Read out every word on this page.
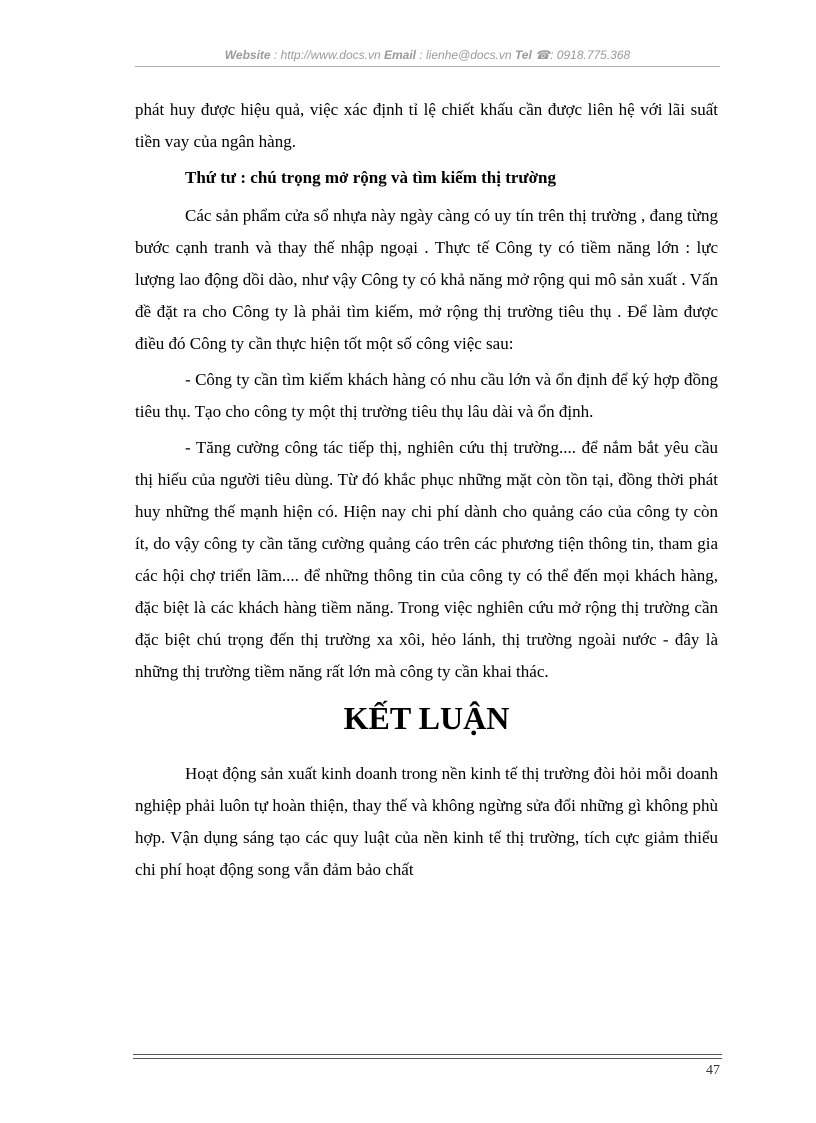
Website : http://www.docs.vn Email : lienhe@docs.vn Tel ☎: 0918.775.368

phát huy được hiệu quả, việc xác định tỉ lệ chiết khấu cần được liên hệ với lãi suất tiền vay của ngân hàng.

Thứ tư : chú trọng mở rộng và tìm kiếm thị trường

Các sản phẩm cửa sổ nhựa này ngày càng có uy tín trên thị trường , đang từng bước cạnh tranh và thay thế nhập ngoại . Thực tế Công ty có tiềm năng lớn : lực lượng lao động dồi dào, như vậy Công ty có khả năng mở rộng qui mô sản xuất . Vấn đề đặt ra cho Công ty là phải tìm kiếm, mở rộng thị trường tiêu thụ . Để làm được điều đó Công ty cần thực hiện tốt một số công việc sau:

- Công ty cần tìm kiếm khách hàng có nhu cầu lớn và ổn định để ký hợp đồng tiêu thụ. Tạo cho công ty một thị trường tiêu thụ lâu dài và ổn định.

- Tăng cường công tác tiếp thị, nghiên cứu thị trường.... để nắm bắt yêu cầu thị hiếu của người tiêu dùng. Từ đó khắc phục những mặt còn tồn tại, đồng thời phát huy những thế mạnh hiện có. Hiện nay chi phí dành cho quảng cáo của công ty còn ít, do vậy công ty cần tăng cường quảng cáo trên các phương tiện thông tin, tham gia các hội chợ triển lãm.... để những thông tin của công ty có thể đến mọi khách hàng, đặc biệt là các khách hàng tiềm năng. Trong việc nghiên cứu mở rộng thị trường cần đặc biệt chú trọng đến thị trường xa xôi, hẻo lánh, thị trường ngoài nước - đây là những thị trường tiềm năng rất lớn mà công ty cần khai thác.

KẾT LUẬN

Hoạt động sản xuất kinh doanh trong nền kinh tế thị trường đòi hỏi mỗi doanh nghiệp phải luôn tự hoàn thiện, thay thế và không ngừng sửa đổi những gì không phù hợp. Vận dụng sáng tạo các quy luật của nền kinh tế thị trường, tích cực giảm thiểu chi phí hoạt động song vẫn đảm bảo chất

47
